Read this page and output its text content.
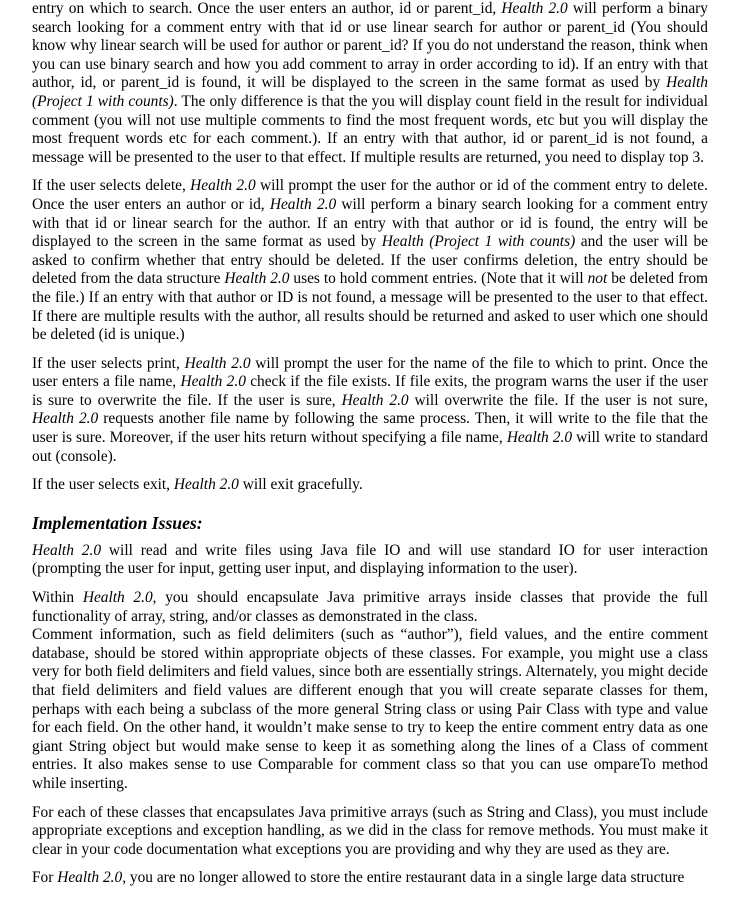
entry on which to search. Once the user enters an author, id or parent_id, Health 2.0 will perform a binary search looking for a comment entry with that id or use linear search for author or parent_id (You should know why linear search will be used for author or parent_id? If you do not understand the reason, think when you can use binary search and how you add comment to array in order according to id). If an entry with that author, id, or parent_id is found, it will be displayed to the screen in the same format as used by Health (Project 1 with counts). The only difference is that the you will display count field in the result for individual comment (you will not use multiple comments to find the most frequent words, etc but you will display the most frequent words etc for each comment.). If an entry with that author, id or parent_id is not found, a message will be presented to the user to that effect. If multiple results are returned, you need to display top 3.

If the user selects delete, Health 2.0 will prompt the user for the author or id of the comment entry to delete. Once the user enters an author or id, Health 2.0 will perform a binary search looking for a comment entry with that id or linear search for the author. If an entry with that author or id is found, the entry will be displayed to the screen in the same format as used by Health (Project 1 with counts) and the user will be asked to confirm whether that entry should be deleted. If the user confirms deletion, the entry should be deleted from the data structure Health 2.0 uses to hold comment entries. (Note that it will not be deleted from the file.) If an entry with that author or ID is not found, a message will be presented to the user to that effect. If there are multiple results with the author, all results should be returned and asked to user which one should be deleted (id is unique.)

If the user selects print, Health 2.0 will prompt the user for the name of the file to which to print. Once the user enters a file name, Health 2.0 check if the file exists. If file exits, the program warns the user if the user is sure to overwrite the file. If the user is sure, Health 2.0 will overwrite the file. If the user is not sure, Health 2.0 requests another file name by following the same process. Then, it will write to the file that the user is sure. Moreover, if the user hits return without specifying a file name, Health 2.0 will write to standard out (console).

If the user selects exit, Health 2.0 will exit gracefully.

Implementation Issues:

Health 2.0 will read and write files using Java file IO and will use standard IO for user interaction (prompting the user for input, getting user input, and displaying information to the user).

Within Health 2.0, you should encapsulate Java primitive arrays inside classes that provide the full functionality of array, string, and/or classes as demonstrated in the class.

Comment information, such as field delimiters (such as “author”), field values, and the entire comment database, should be stored within appropriate objects of these classes. For example, you might use a class very for both field delimiters and field values, since both are essentially strings. Alternately, you might decide that field delimiters and field values are different enough that you will create separate classes for them, perhaps with each being a subclass of the more general String class or using Pair Class with type and value for each field. On the other hand, it wouldn’t make sense to try to keep the entire comment entry data as one giant String object but would make sense to keep it as something along the lines of a Class of comment entries. It also makes sense to use Comparable for comment class so that you can use ompareTo method while inserting.

For each of these classes that encapsulates Java primitive arrays (such as String and Class), you must include appropriate exceptions and exception handling, as we did in the class for remove methods. You must make it clear in your code documentation what exceptions you are providing and why they are used as they are.

For Health 2.0, you are no longer allowed to store the entire restaurant data in a single large data structure
